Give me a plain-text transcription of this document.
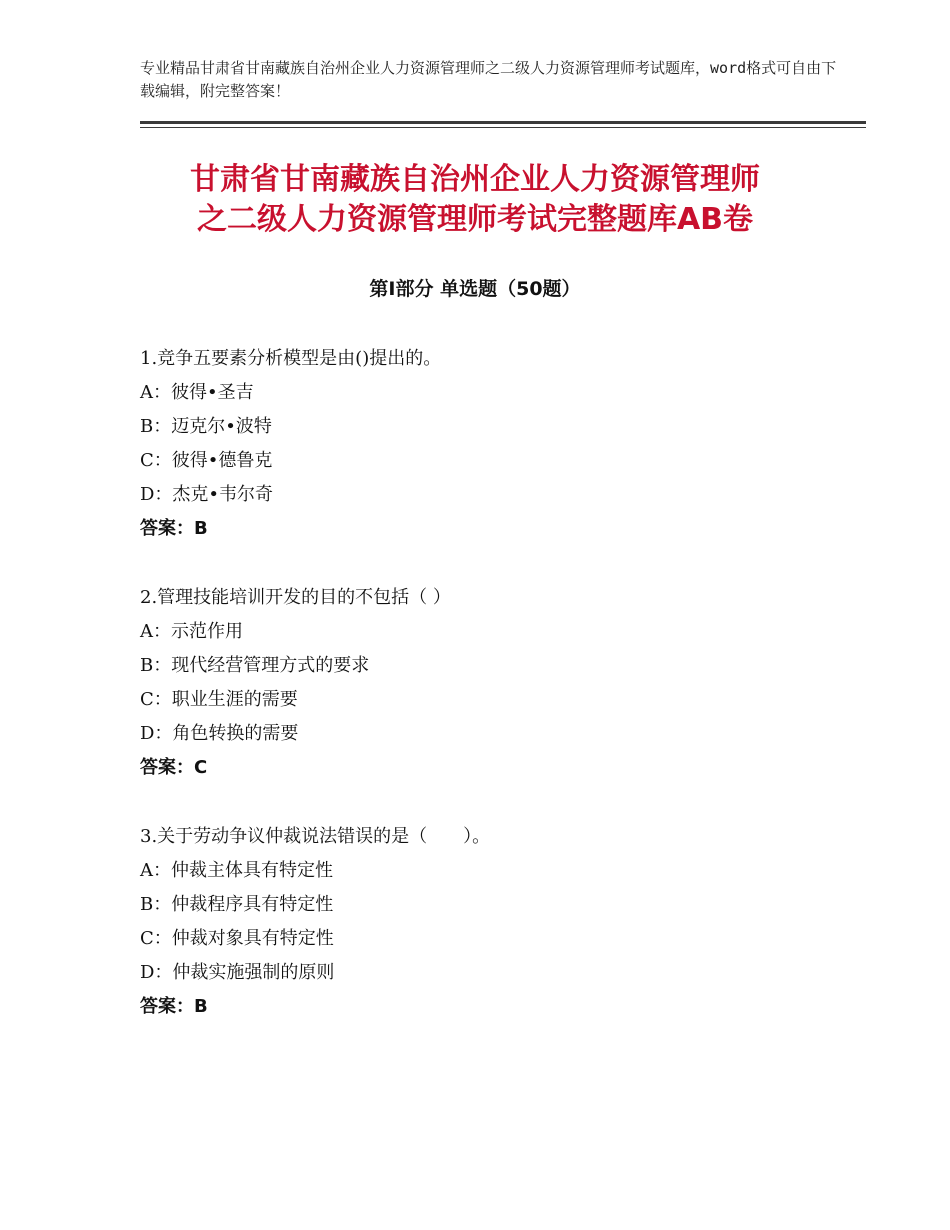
专业精品甘肃省甘南藏族自治州企业人力资源管理师之二级人力资源管理师考试题库，word格式可自由下载编辑，附完整答案！
甘肃省甘南藏族自治州企业人力资源管理师
之二级人力资源管理师考试完整题库AB卷
第Ⅰ部分 单选题（50题）
1.竞争五要素分析模型是由()提出的。
A：彼得•圣吉
B：迈克尔•波特
C：彼得•德鲁克
D：杰克•韦尔奇
答案：B
2.管理技能培训开发的目的不包括（ ）
A：示范作用
B：现代经营管理方式的要求
C：职业生涯的需要
D：角色转换的需要
答案：C
3.关于劳动争议仲裁说法错误的是（　　）。
A：仲裁主体具有特定性
B：仲裁程序具有特定性
C：仲裁对象具有特定性
D：仲裁实施强制的原则
答案：B
